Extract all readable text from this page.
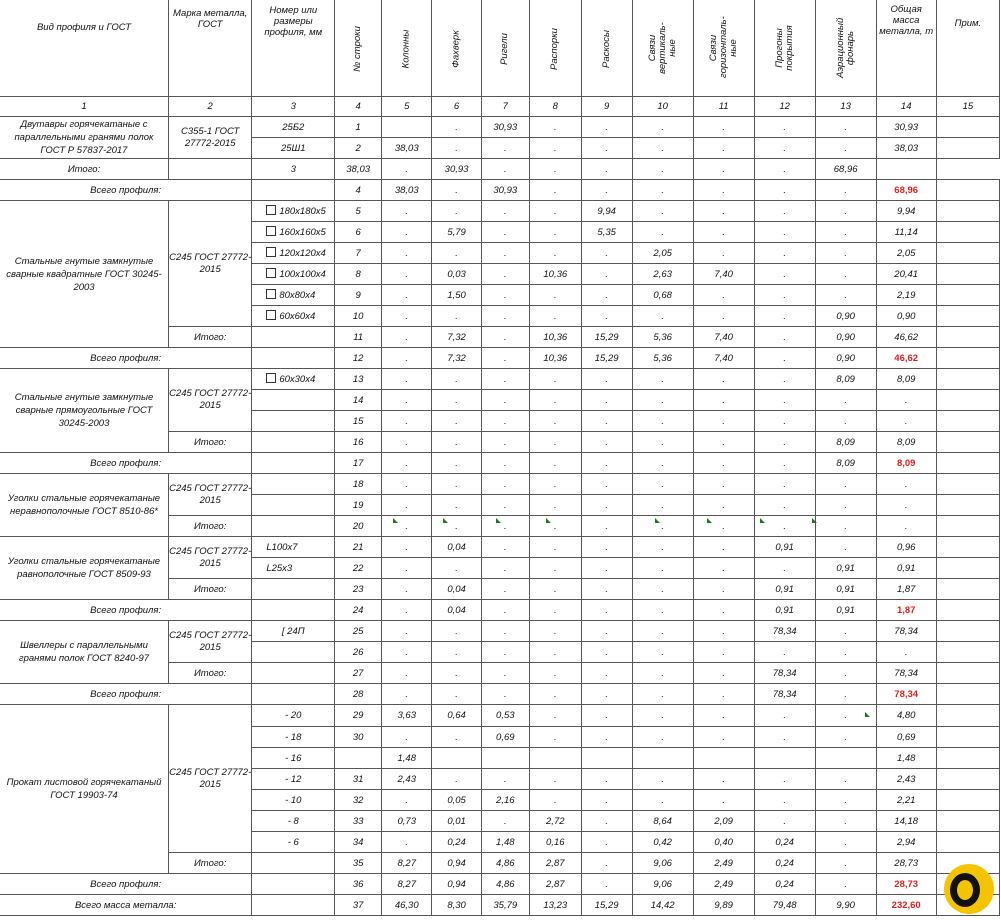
Вид профиля и ГОСТ	Марка металла, ГОСТ	Номер или размеры профиля, мм	№ строки	Колонны	Фахверк	Ригели	Распорки	Раскосы	Связи вертикаль-ные	Связи горизонталь-ные	Прогоны покрытия	Аэрационный фонарь	Общая масса металла, т	Прим.
1	2	3	4	5	6	7	8	9	10	11	12	13	14	15
Двутавры горячекатаные с параллельными гранями полок ГОСТ Р 57837-2017	С355-1 ГОСТ 27772-2015	25Б2	1		.	30,93	.	.	.	.	.	.	30,93	
		25Ш1	2	38,03	.	.	.	.	.	.	.	.	38,03	
Итого:		3	38,03	.	30,93	.	.	.	.	.	.	68,96		
Всего профиля:			4	38,03	.	30,93	.	.	.	.	.	.	68,96	
Стальные гнутые замкнутые сварные квадратные ГОСТ 30245-2003	С245 ГОСТ 27772-2015	180х180х5	5	.	.	.	.	9,94	.	.	.	.	9,94	
		160х160х5	6	.	5,79	.	.	5,35	.	.	.	.	11,14	
		120х120х4	7	.	.	.	.	.	2,05	.	.	.	2,05	
		100х100х4	8	.	0,03	.	10,36	.	2,63	7,40	.	.	20,41	
		80х80х4	9	.	1,50	.	.	.	0,68	.	.	.	2,19	
		60х60х4	10	.	.	.	.	.	.	.	.	0,90	0,90	
	Итого:		11	.	7,32	.	10,36	15,29	5,36	7,40	.	0,90	46,62	
Всего профиля:			12	.	7,32	.	10,36	15,29	5,36	7,40	.	0,90	46,62	
Стальные гнутые замкнутые сварные прямоугольные ГОСТ 30245-2003	С245 ГОСТ 27772-2015	60х30х4	13	.	.	.	.	.	.	.	.	8,09	8,09	
			14	.	.	.	.	.	.	.	.	.	.	
			15	.	.	.	.	.	.	.	.	.	.	
	Итого:		16	.	.	.	.	.	.	.	.	8,09	8,09	
Всего профиля:			17	.	.	.	.	.	.	.	.	8,09	8,09	
Уголки стальные горячекатаные неравнополочные ГОСТ 8510-86*	С245 ГОСТ 27772-2015		18	.	.	.	.	.	.	.	.	.	.	
			19	.	.	.	.	.	.	.	.	.	.	
	Итого:		20	.	.	.	.	.	.	.	.	.	.	
Уголки стальные горячекатаные равнополочные ГОСТ 8509-93	С245 ГОСТ 27772-2015	L100х7	21	.	0,04	.	.	.	.	.	0,91	.	0,96	
		L25х3	22	.	.	.	.	.	.	.	.	0,91	0,91	
	Итого:		23	.	0,04	.	.	.	.	.	0,91	0,91	1,87	
Всего профиля:			24	.	0,04	.	.	.	.	.	0,91	0,91	1,87	
Швеллеры с параллельными гранями полок ГОСТ 8240-97	С245 ГОСТ 27772-2015	[ 24П	25	.	.	.	.	.	.	.	78,34	.	78,34	
			26	.	.	.	.	.	.	.	.	.	.	
	Итого:		27	.	.	.	.	.	.	.	78,34	.	78,34	
Всего профиля:			28	.	.	.	.	.	.	.	78,34	.	78,34	
Прокат листовой горячекатаный ГОСТ 19903-74	С245 ГОСТ 27772-2015	- 20	29	3,63	0,64	0,53	.	.	.	.	.	.	4,80	
		- 18	30	.	.	0,69	.	.	.	.	.	.	0,69	
		- 16		1,48									1,48	
		- 12	31	2,43	.	.	.	.	.	.	.	.	2,43	
		- 10	32	.	0,05	2,16	.	.	.	.	.	.	2,21	
		- 8	33	0,73	0,01	.	2,72	.	8,64	2,09	.	.	14,18	
		- 6	34	.	0,24	1,48	0,16	.	0,42	0,40	0,24	.	2,94	
	Итого:		35	8,27	0,94	4,86	2,87	.	9,06	2,49	0,24	.	28,73	
Всего профиля:			36	8,27	0,94	4,86	2,87	.	9,06	2,49	0,24	.	28,73	
Всего масса металла:			37	46,30	8,30	35,79	13,23	15,29	14,42	9,89	79,48	9,90	232,60	
